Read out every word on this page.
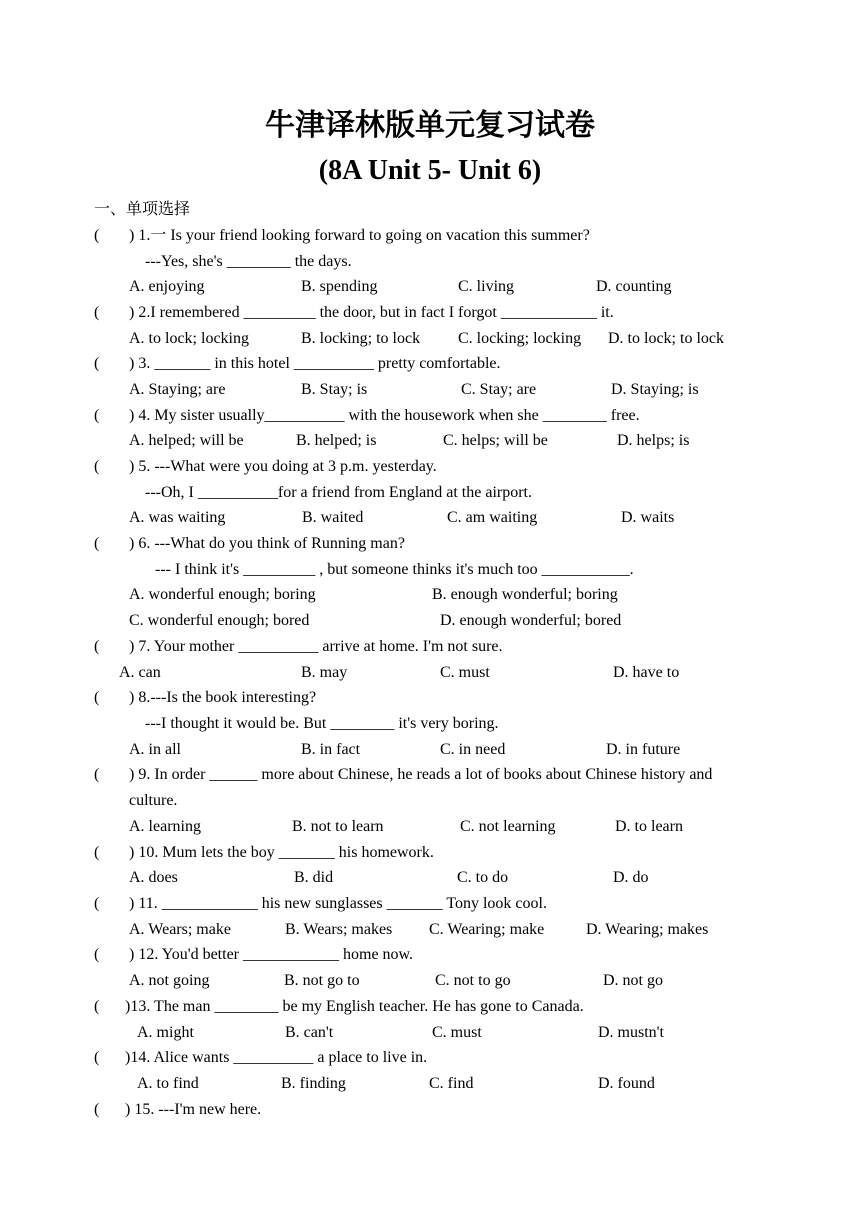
牛津译林版单元复习试卷
(8A Unit 5- Unit 6)
一、单项选择
( ) 1.一 Is your friend looking forward to going on vacation this summer?
---Yes, she's ________ the days.
A. enjoying	B. spending	C. living	D. counting
( ) 2.I remembered _________ the door, but in fact I forgot ____________ it.
A. to lock; locking	B. locking; to lock C. locking; locking D. to lock; to lock
( ) 3. _______ in this hotel __________ pretty comfortable.
A. Staying; are	B. Stay; is	C. Stay; are	D. Staying; is
( ) 4. My sister usually__________ with the housework when she ________ free.
A. helped; will be	B. helped; is	C. helps; will be	D. helps; is
( ) 5. ---What were you doing at 3 p.m. yesterday.
---Oh, I __________for a friend from England at the airport.
A. was waiting	B. waited	C. am waiting	D. waits
( ) 6. ---What do you think of Running man?
--- I think it's _________ , but someone thinks it's much too ___________.
A. wonderful enough; boring	B. enough wonderful; boring
C. wonderful enough; bored	D. enough wonderful; bored
( ) 7. Your mother __________ arrive at home. I'm not sure.
A. can	B. may	C. must	D. have to
( ) 8.---Is the book interesting?
---I thought it would be. But ________ it's very boring.
A. in all	B. in fact	C. in need	D. in future
( ) 9. In order ______ more about Chinese, he reads a lot of books about Chinese history and
culture.
A. learning	B. not to learn	C. not learning	D. to learn
( ) 10. Mum lets the boy _______ his homework.
A. does	B. did	C. to do	D. do
( ) 11. ____________ his new sunglasses _______ Tony look cool.
A. Wears; make	B. Wears; makes C. Wearing; make	D. Wearing; makes
( ) 12. You'd better ____________ home now.
A. not going	B. not go to	C. not to go	D. not go
( )13. The man ________ be my English teacher. He has gone to Canada.
A. might	B. can't	C. must	D. mustn't
( )14. Alice wants __________ a place to live in.
A. to find	B. finding	C. find	D. found
( ) 15. ---I'm new here.
